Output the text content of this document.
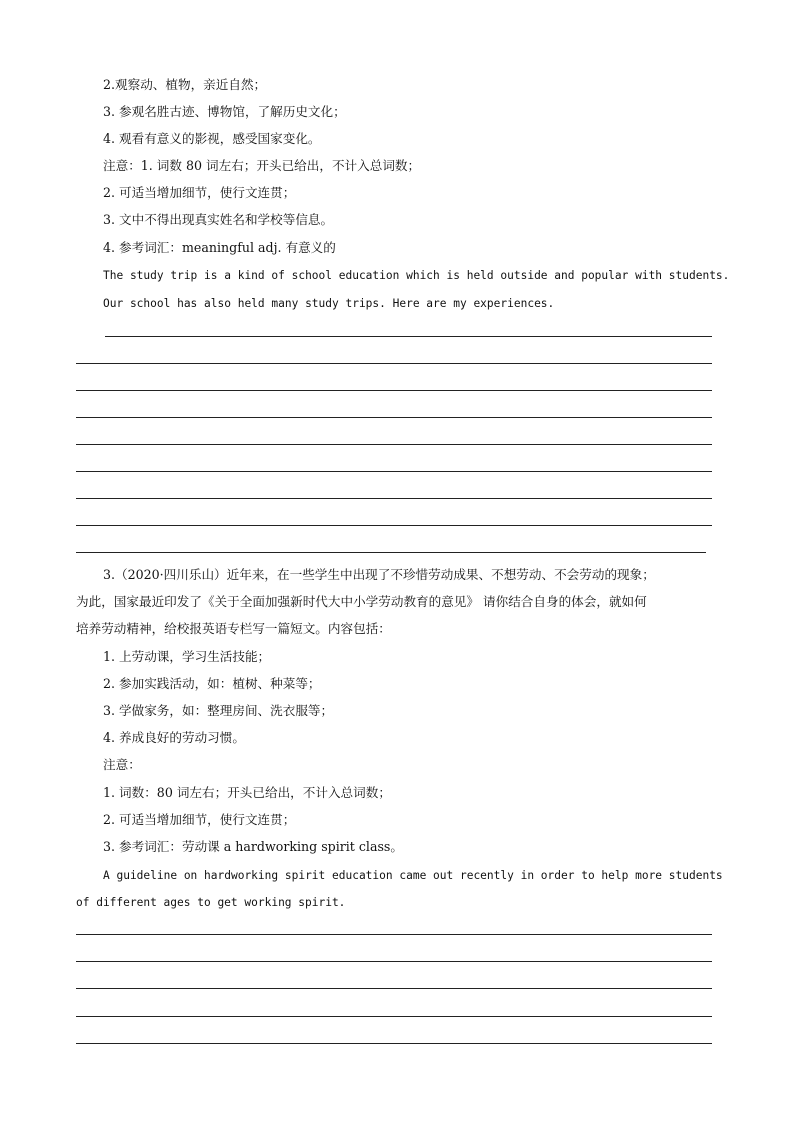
2.观察动、植物，亲近自然；
3. 参观名胜古迹、博物馆，了解历史文化；
4. 观看有意义的影视，感受国家变化。
注意：1. 词数 80 词左右；开头已给出，不计入总词数；
2. 可适当增加细节，使行文连贯；
3. 文中不得出现真实姓名和学校等信息。
4. 参考词汇：meaningful adj. 有意义的
The study trip is a kind of school education which is held outside and popular with students.
Our school has also held many study trips. Here are my experiences.
3.（2020·四川乐山）近年来，在一些学生中出现了不珍惜劳动成果、不想劳动、不会劳动的现象；
为此，国家最近印发了《关于全面加强新时代大中小学劳动教育的意见》 请你结合自身的体会，就如何
培养劳动精神，给校报英语专栏写一篇短文。内容包括：
1. 上劳动课，学习生活技能；
2. 参加实践活动，如：植树、种菜等；
3. 学做家务，如：整理房间、洗衣服等；
4. 养成良好的劳动习惯。
注意：
1. 词数：80 词左右；开头已给出，不计入总词数；
2. 可适当增加细节，使行文连贯；
3. 参考词汇：劳动课 a hardworking spirit class。
A guideline on hardworking spirit education came out recently in order to help more students
of different ages to get working spirit.
